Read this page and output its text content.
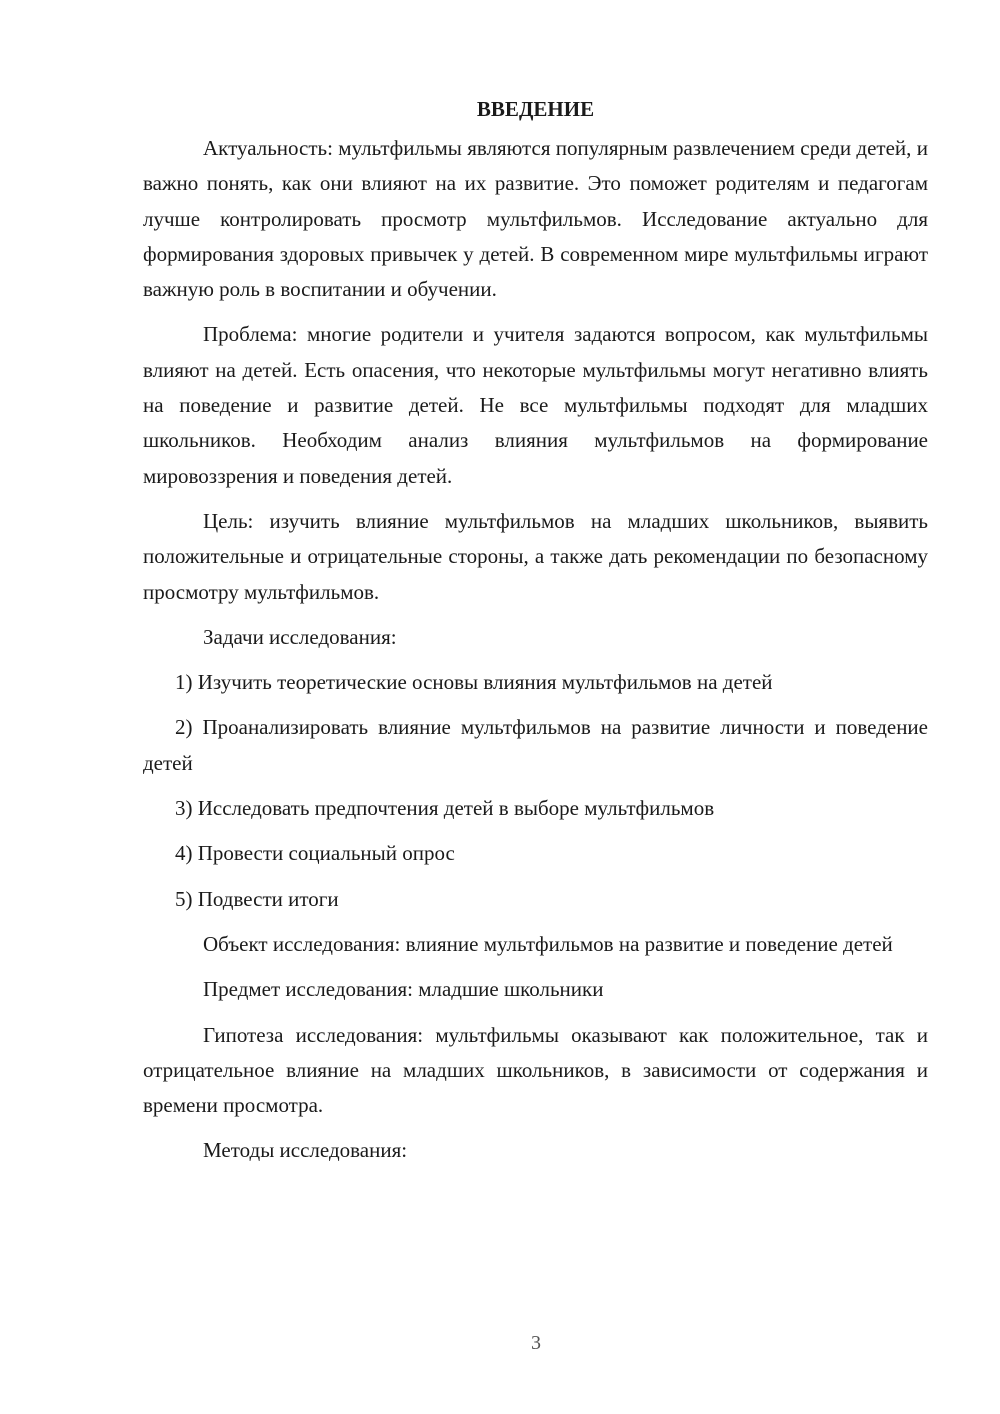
ВВЕДЕНИЕ

Актуальность: мультфильмы являются популярным развлечением среди детей, и важно понять, как они влияют на их развитие. Это поможет родителям и педагогам лучше контролировать просмотр мультфильмов. Исследование актуально для формирования здоровых привычек у детей. В современном мире мультфильмы играют важную роль в воспитании и обучении.

Проблема: многие родители и учителя задаются вопросом, как мультфильмы влияют на детей. Есть опасения, что некоторые мультфильмы могут негативно влиять на поведение и развитие детей. Не все мультфильмы подходят для младших школьников. Необходим анализ влияния мультфильмов на формирование мировоззрения и поведения детей.

Цель: изучить влияние мультфильмов на младших школьников, выявить положительные и отрицательные стороны, а также дать рекомендации по безопасному просмотру мультфильмов.

Задачи исследования:

1) Изучить теоретические основы влияния мультфильмов на детей

2) Проанализировать влияние мультфильмов на развитие личности и поведение детей

3) Исследовать предпочтения детей в выборе мультфильмов

4) Провести социальный опрос

5) Подвести итоги

Объект исследования: влияние мультфильмов на развитие и поведение детей

Предмет исследования: младшие школьники

Гипотеза исследования: мультфильмы оказывают как положительное, так и отрицательное влияние на младших школьников, в зависимости от содержания и времени просмотра.

Методы исследования:

3
